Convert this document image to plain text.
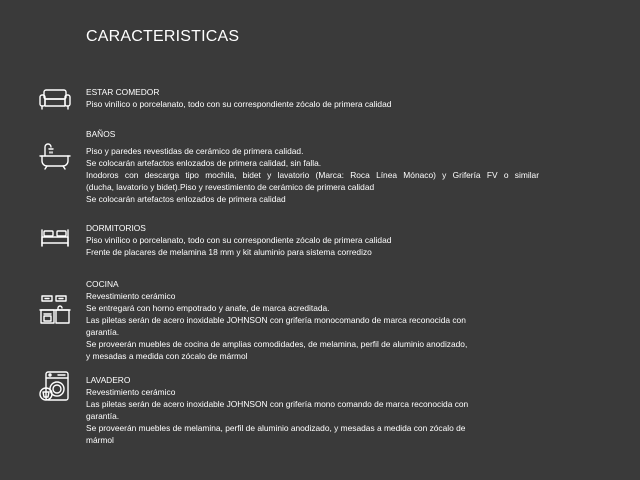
CARACTERISTICAS
ESTAR COMEDOR
Piso vinílico o porcelanato, todo con su correspondiente zócalo de primera calidad
BAÑOS
Piso y paredes revestidas de cerámico de primera calidad.
Se colocarán artefactos enlozados de primera calidad, sin falla.
Inodoros con descarga tipo mochila, bidet y lavatorio (Marca: Roca Línea Mónaco) y Grifería FV o similar
(ducha, lavatorio y bidet).Piso y revestimiento de cerámico de primera calidad
Se colocarán artefactos enlozados de primera calidad
DORMITORIOS
Piso vinílico o porcelanato, todo con su correspondiente zócalo de primera calidad
Frente de placares de melamina 18 mm y kit aluminio para sistema corredizo
COCINA
Revestimiento cerámico
Se entregará con horno empotrado y anafe, de marca acreditada.
Las piletas serán de acero inoxidable JOHNSON con grifería monocomando de marca reconocida con
garantía.
Se proveerán muebles de cocina de amplias comodidades, de melamina, perfil de aluminio anodizado,
y mesadas a medida con zócalo de mármol
LAVADERO
Revestimiento cerámico
Las piletas serán de acero inoxidable JOHNSON con grifería mono comando de marca reconocida con
garantía.
Se proveerán muebles de melamina, perfil de aluminio anodizado, y mesadas a medida con zócalo de
mármol
